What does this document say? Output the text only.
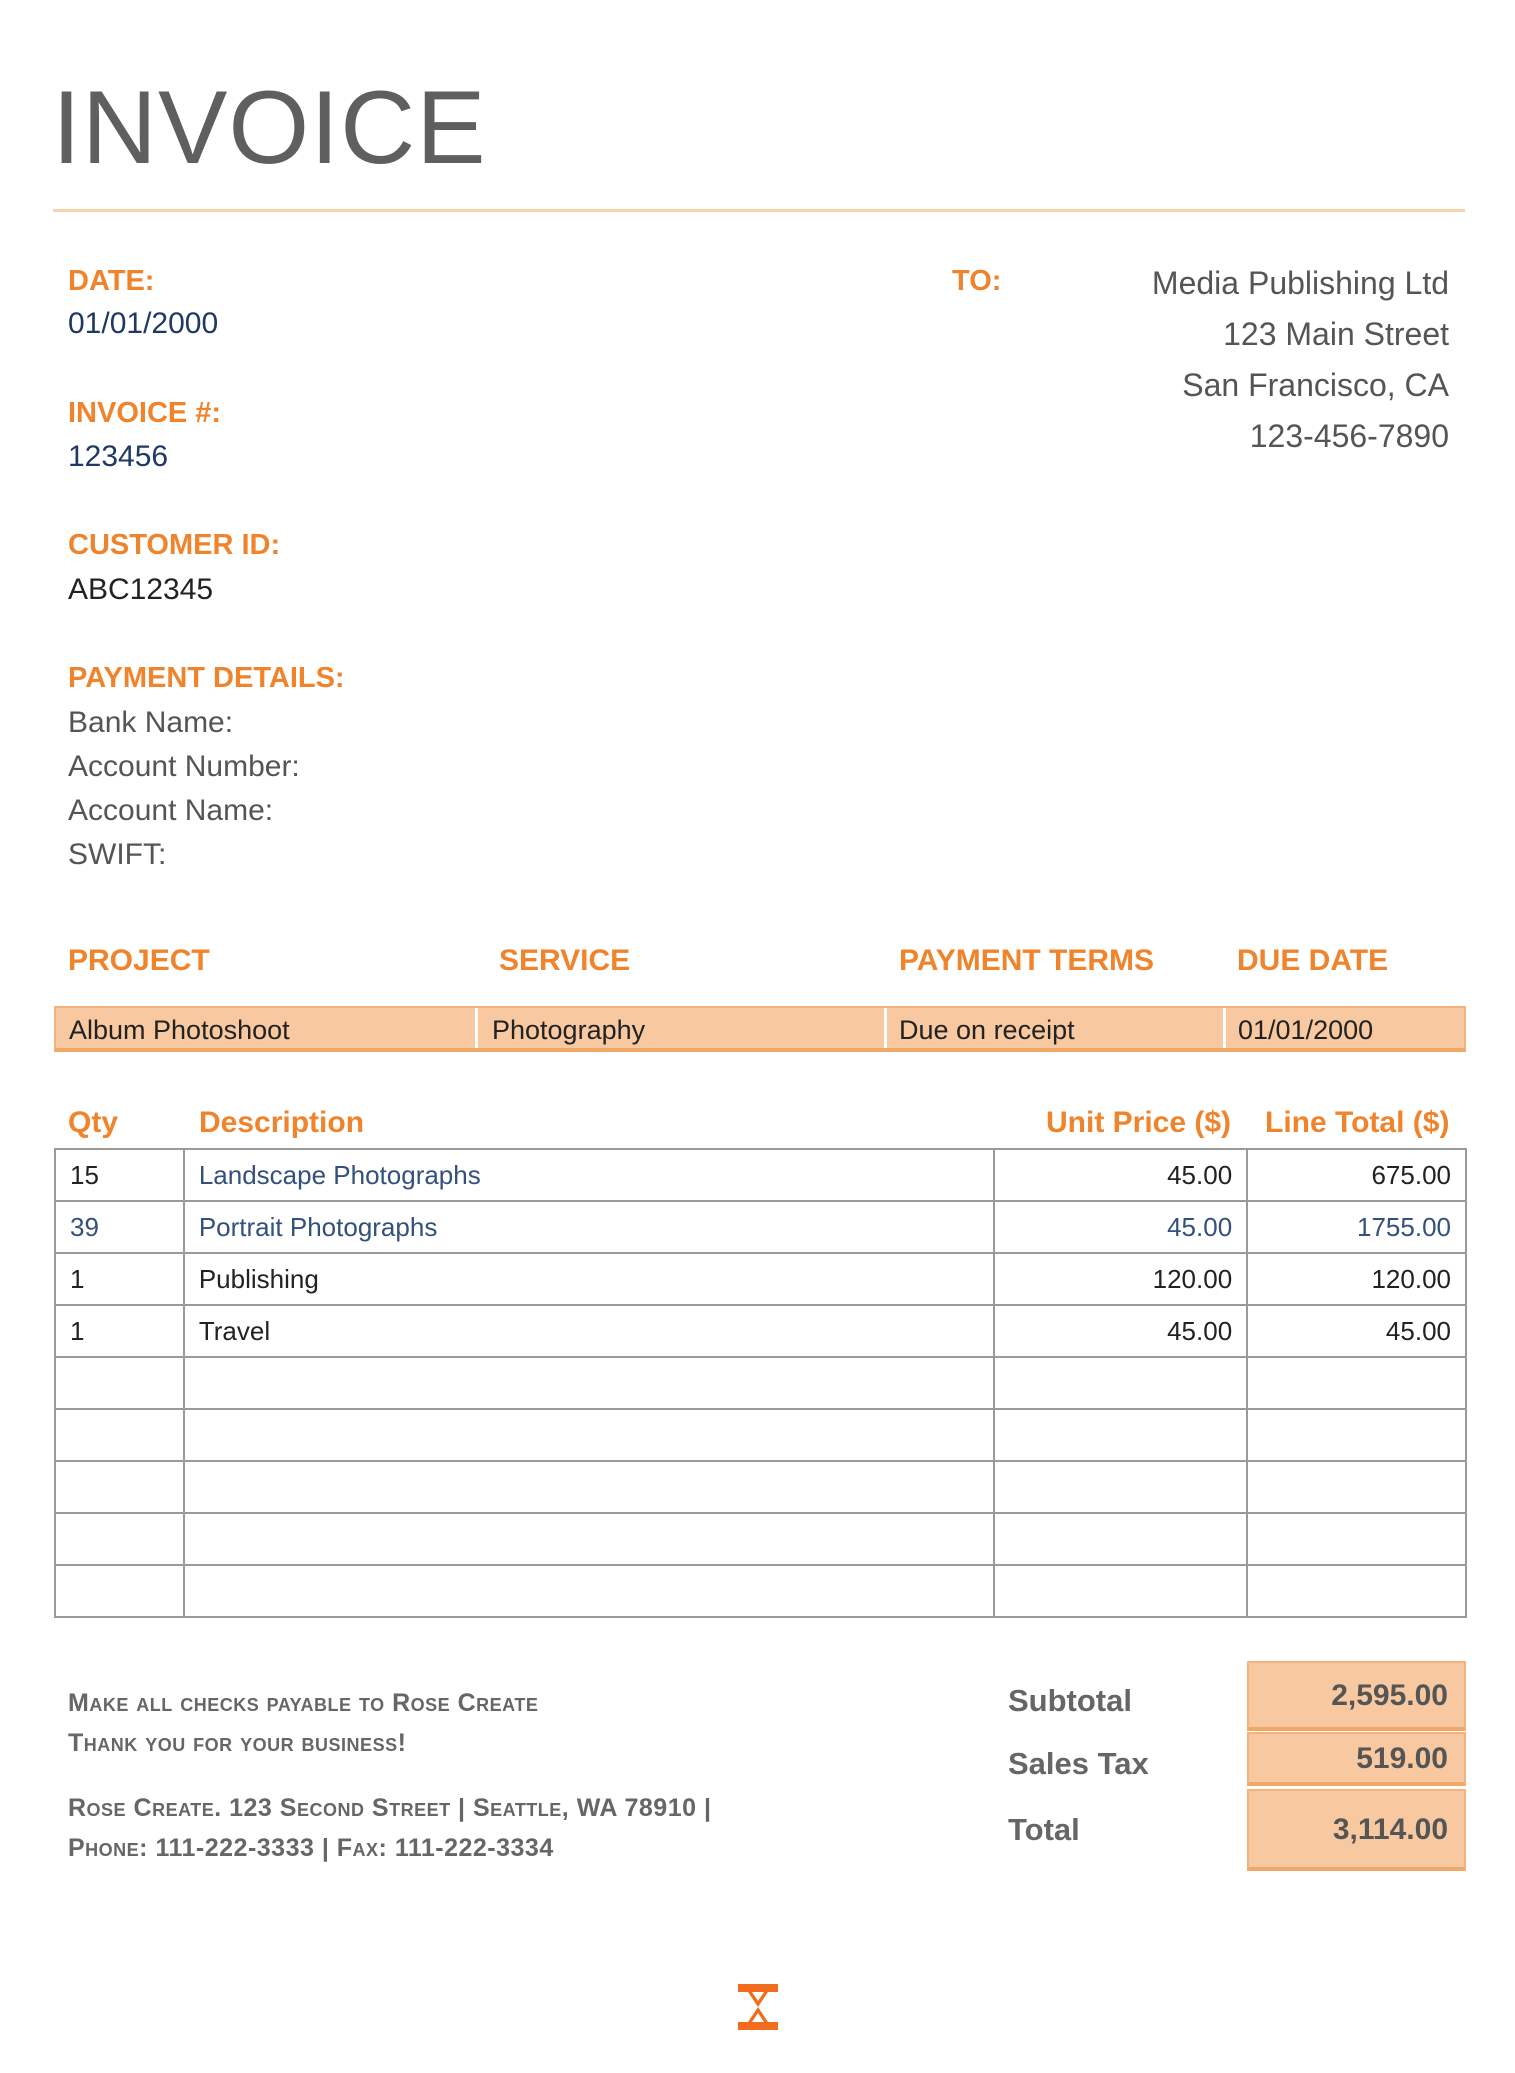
INVOICE
DATE:
01/01/2000
INVOICE #:
123456
CUSTOMER ID:
ABC12345
PAYMENT DETAILS:
Bank Name:
Account Number:
Account Name:
SWIFT:
TO:	Media Publishing Ltd
123 Main Street
San Francisco, CA
123-456-7890
PROJECT	SERVICE	PAYMENT TERMS	DUE DATE
Album Photoshoot	Photography	Due on receipt	01/01/2000
Qty	Description	Unit Price ($) Line Total ($)
15	Landscape Photographs	45.00	675.00
39	Portrait Photographs	45.00	1755.00
1	Publishing	120.00	120.00
1	Travel	45.00	45.00

Make all checks payable to Rose Create
Thank you for your business!
Rose Create. 123 Second Street | Seattle, WA 78910 |
Phone: 111-222-3333 | Fax: 111-222-3334
Subtotal	2,595.00
Sales Tax	519.00
Total	3,114.00
